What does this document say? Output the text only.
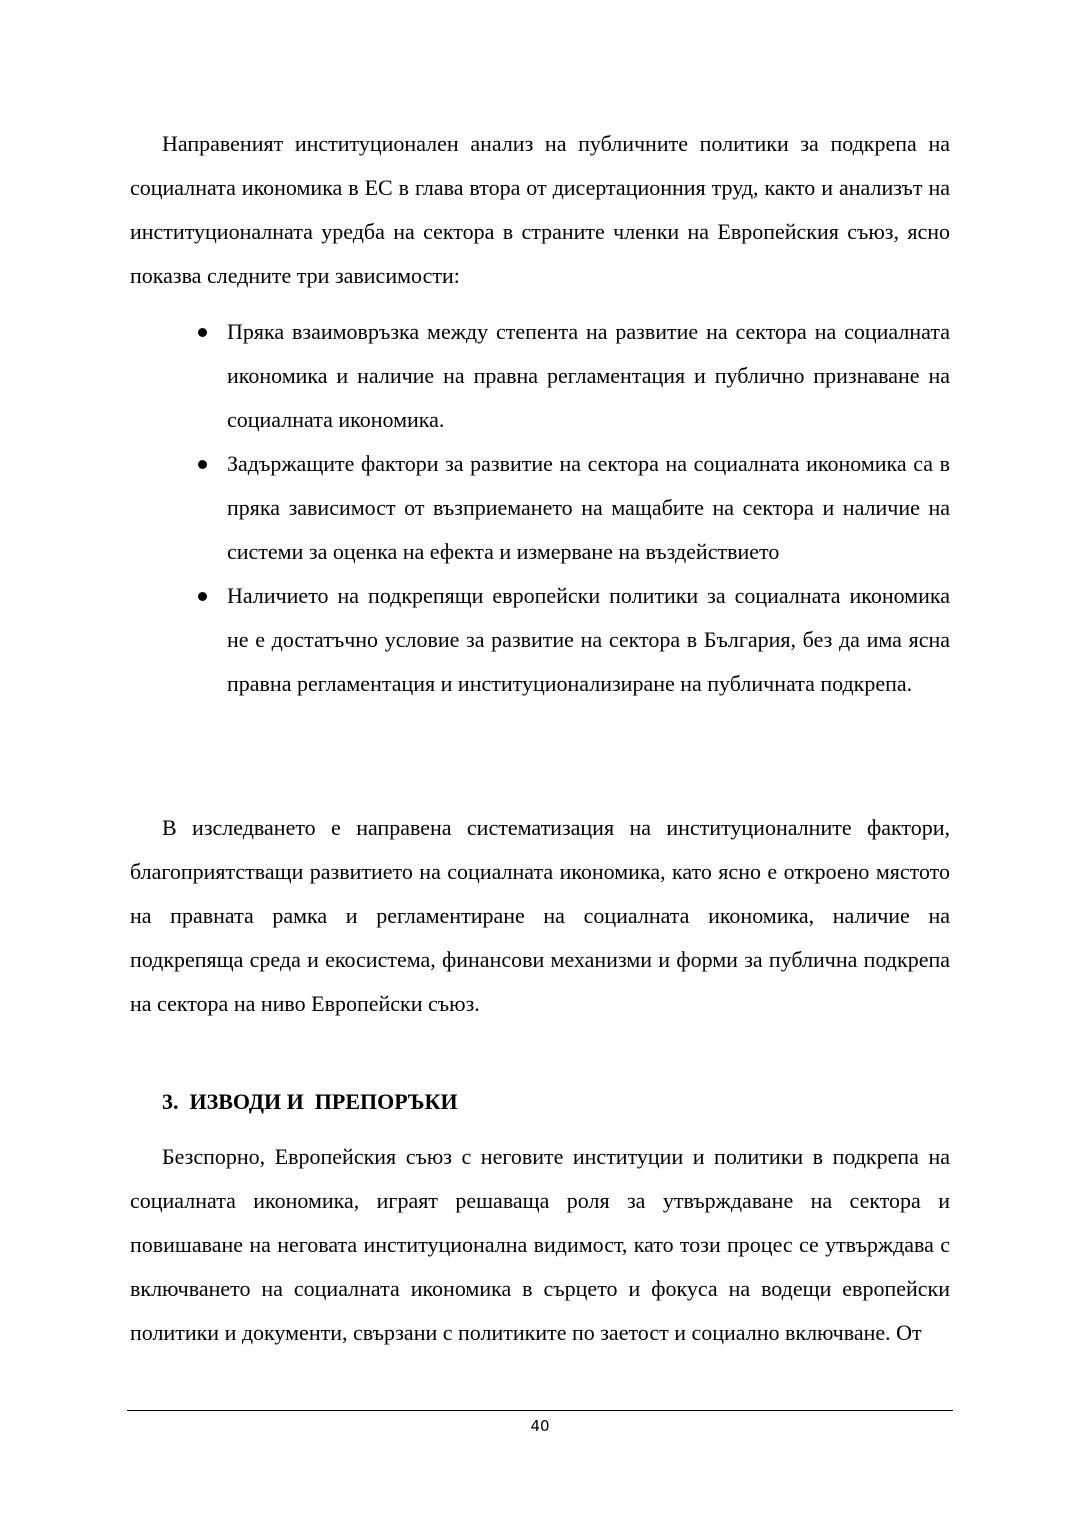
Направеният институционален анализ на публичните политики за подкрепа на социалната икономика в ЕС в глава втора от дисертационния труд, както и анализът на институционалната уредба на сектора в страните членки на Европейския съюз, ясно показва следните три зависимости:

Пряка взаимовръзка между степента на развитие на сектора на социалната икономика и наличие на правна регламентация и публично признаване на социалната икономика.
Задържащите фактори за развитие на сектора на социалната икономика са в пряка зависимост от възприемането на мащабите на сектора и наличие на системи за оценка на ефекта и измерване на въздействието
Наличието на подкрепящи европейски политики за социалната икономика не е достатъчно условие за развитие на сектора в България, без да има ясна правна регламентация и институционализиране на публичната подкрепа.

В изследването е направена систематизация на институционалните фактори, благоприятстващи развитието на социалната икономика, като ясно е откроено мястото на правната рамка и регламентиране на социалната икономика, наличие на подкрепяща среда и екосистема, финансови механизми и форми за публична подкрепа на сектора на ниво Европейски съюз.

3.  ИЗВОДИ И  ПРЕПОРЪКИ

Безспорно, Европейския съюз с неговите институции и политики в подкрепа на социалната икономика, играят решаваща роля за утвърждаване на сектора и повишаване на неговата институционална видимост, като този процес се утвърждава с включването на социалната икономика в сърцето и фокуса на водещи европейски политики и документи, свързани с политиките по заетост и социално включване. От

40
